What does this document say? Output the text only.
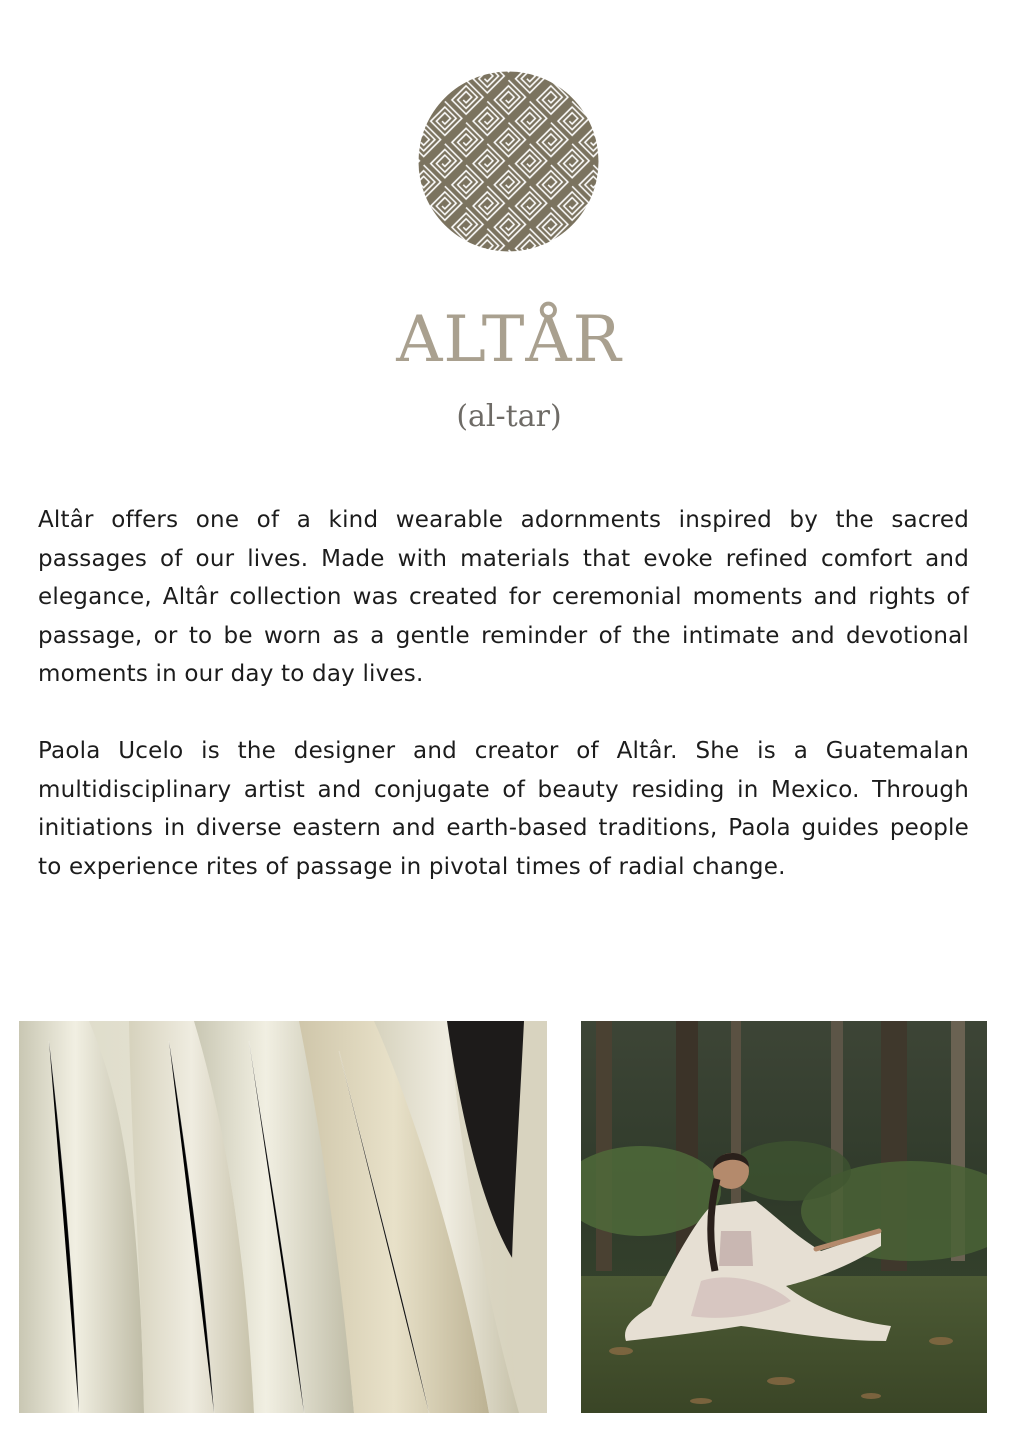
ALTÅR

(al-tar)

Altâr offers one of a kind wearable adornments inspired by the sacred passages of our lives. Made with materials that evoke refined comfort and elegance, Altâr collection was created for ceremonial moments and rights of passage, or to be worn as a gentle reminder of the intimate and devotional moments in our day to day lives.

Paola Ucelo is the designer and creator of Altâr. She is a Guatemalan multidisciplinary artist and conjugate of beauty residing in Mexico. Through initiations in diverse eastern and earth-based traditions, Paola guides people to experience rites of passage in pivotal times of radial change.
